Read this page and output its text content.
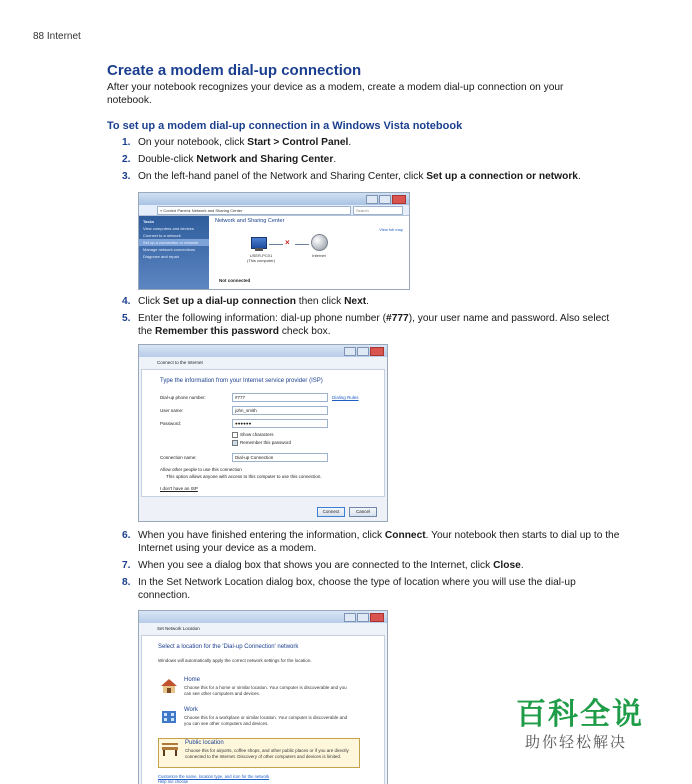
88 Internet
Create a modem dial-up connection
After your notebook recognizes your device as a modem, create a modem dial-up connection on your notebook.
To set up a modem dial-up connection in a Windows Vista notebook
1. On your notebook, click Start > Control Panel.
2. Double-click Network and Sharing Center.
3. On the left-hand panel of the Network and Sharing Center, click Set up a connection or network.
« Control Panel ▸ Network and Sharing Center	Search
Tasks
View computers and devices
Connect to a network
Set up a connection or network
Manage network connections
Diagnose and repair
Network and Sharing Center
View full map
×
USER-PC01
(This computer)
Internet
Not connected
4. Click Set up a dial-up connection then click Next.
5. Enter the following information: dial-up phone number (#777), your user name and password. Also select the Remember this password check box.
Connect to the Internet
Type the information from your Internet service provider (ISP)
Dial-up phone number:	#777	Dialing Rules
User name:	john_smith
Password:	●●●●●●
Show characters
Remember this password
Connection name:	Dial-up Connection
Allow other people to use this connection
This option allows anyone with access to this computer to use this connection.
I don't have an ISP
Connect	Cancel
6. When you have finished entering the information, click Connect. Your notebook then starts to dial up to the Internet using your device as a modem.
7. When you see a dialog box that shows you are connected to the Internet, click Close.
8. In the Set Network Location dialog box, choose the type of location where you will use the dial-up connection.
Set Network Location
Select a location for the 'Dial-up Connection' network
Windows will automatically apply the correct network settings for the location.
Home
Choose this for a home or similar location. Your computer is discoverable and you can see other computers and devices.
Work
Choose this for a workplace or similar location. Your computer is discoverable and you can see other computers and devices.
Public location
Choose this for airports, coffee shops, and other public places or if you are directly connected to the Internet. Discovery of other computers and devices is limited.
Customize the name, location type, and icon for the network
Help me choose
百科全说
助你轻松解决
